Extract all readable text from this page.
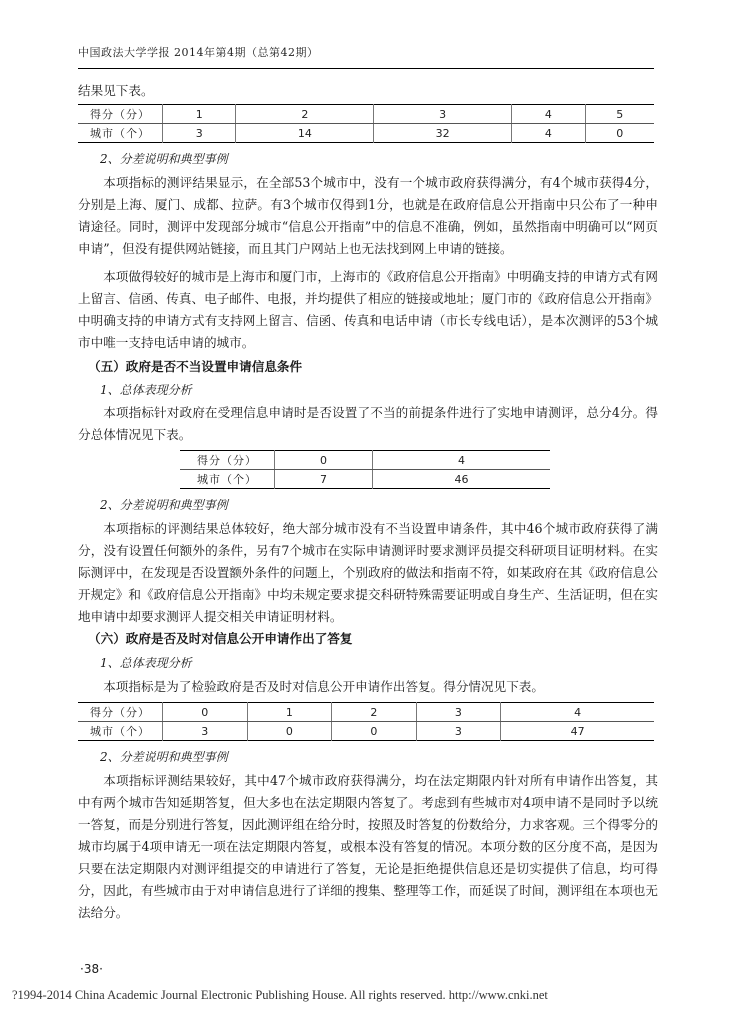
中国政法大学学报 2014年第4期（总第42期）
结果见下表。
得分（分）	1	2	3	4	5
城市（个）	3	14	32	4	0
2、分差说明和典型事例
本项指标的测评结果显示，在全部53个城市中，没有一个城市政府获得满分，有4个城市获得4分，分别是上海、厦门、成都、拉萨。有3个城市仅得到1分，也就是在政府信息公开指南中只公布了一种申请途径。同时，测评中发现部分城市“信息公开指南”中的信息不准确，例如，虽然指南中明确可以“网页申请”，但没有提供网站链接，而且其门户网站上也无法找到网上申请的链接。
本项做得较好的城市是上海市和厦门市，上海市的《政府信息公开指南》中明确支持的申请方式有网上留言、信函、传真、电子邮件、电报，并均提供了相应的链接或地址；厦门市的《政府信息公开指南》中明确支持的申请方式有支持网上留言、信函、传真和电话申请（市长专线电话），是本次测评的53个城市中唯一支持电话申请的城市。
（五）政府是否不当设置申请信息条件
1、总体表现分析
本项指标针对政府在受理信息申请时是否设置了不当的前提条件进行了实地申请测评，总分4分。得分总体情况见下表。
得分（分）	0	4
城市（个）	7	46
2、分差说明和典型事例
本项指标的评测结果总体较好，绝大部分城市没有不当设置申请条件，其中46个城市政府获得了满分，没有设置任何额外的条件，另有7个城市在实际申请测评时要求测评员提交科研项目证明材料。在实际测评中，在发现是否设置额外条件的问题上，个别政府的做法和指南不符，如某政府在其《政府信息公开规定》和《政府信息公开指南》中均未规定要求提交科研特殊需要证明或自身生产、生活证明，但在实地申请中却要求测评人提交相关申请证明材料。
（六）政府是否及时对信息公开申请作出了答复
1、总体表现分析
本项指标是为了检验政府是否及时对信息公开申请作出答复。得分情况见下表。
得分（分）	0	1	2	3	4
城市（个）	3	0	0	3	47
2、分差说明和典型事例
本项指标评测结果较好，其中47个城市政府获得满分，均在法定期限内针对所有申请作出答复，其中有两个城市告知延期答复，但大多也在法定期限内答复了。考虑到有些城市对4项申请不是同时予以统一答复，而是分别进行答复，因此测评组在给分时，按照及时答复的份数给分，力求客观。三个得零分的城市均属于4项申请无一项在法定期限内答复，或根本没有答复的情况。本项分数的区分度不高，是因为只要在法定期限内对测评组提交的申请进行了答复，无论是拒绝提供信息还是切实提供了信息，均可得分，因此，有些城市由于对申请信息进行了详细的搜集、整理等工作，而延误了时间，测评组在本项也无法给分。
·38·
?1994-2014 China Academic Journal Electronic Publishing House. All rights reserved. http://www.cnki.net
